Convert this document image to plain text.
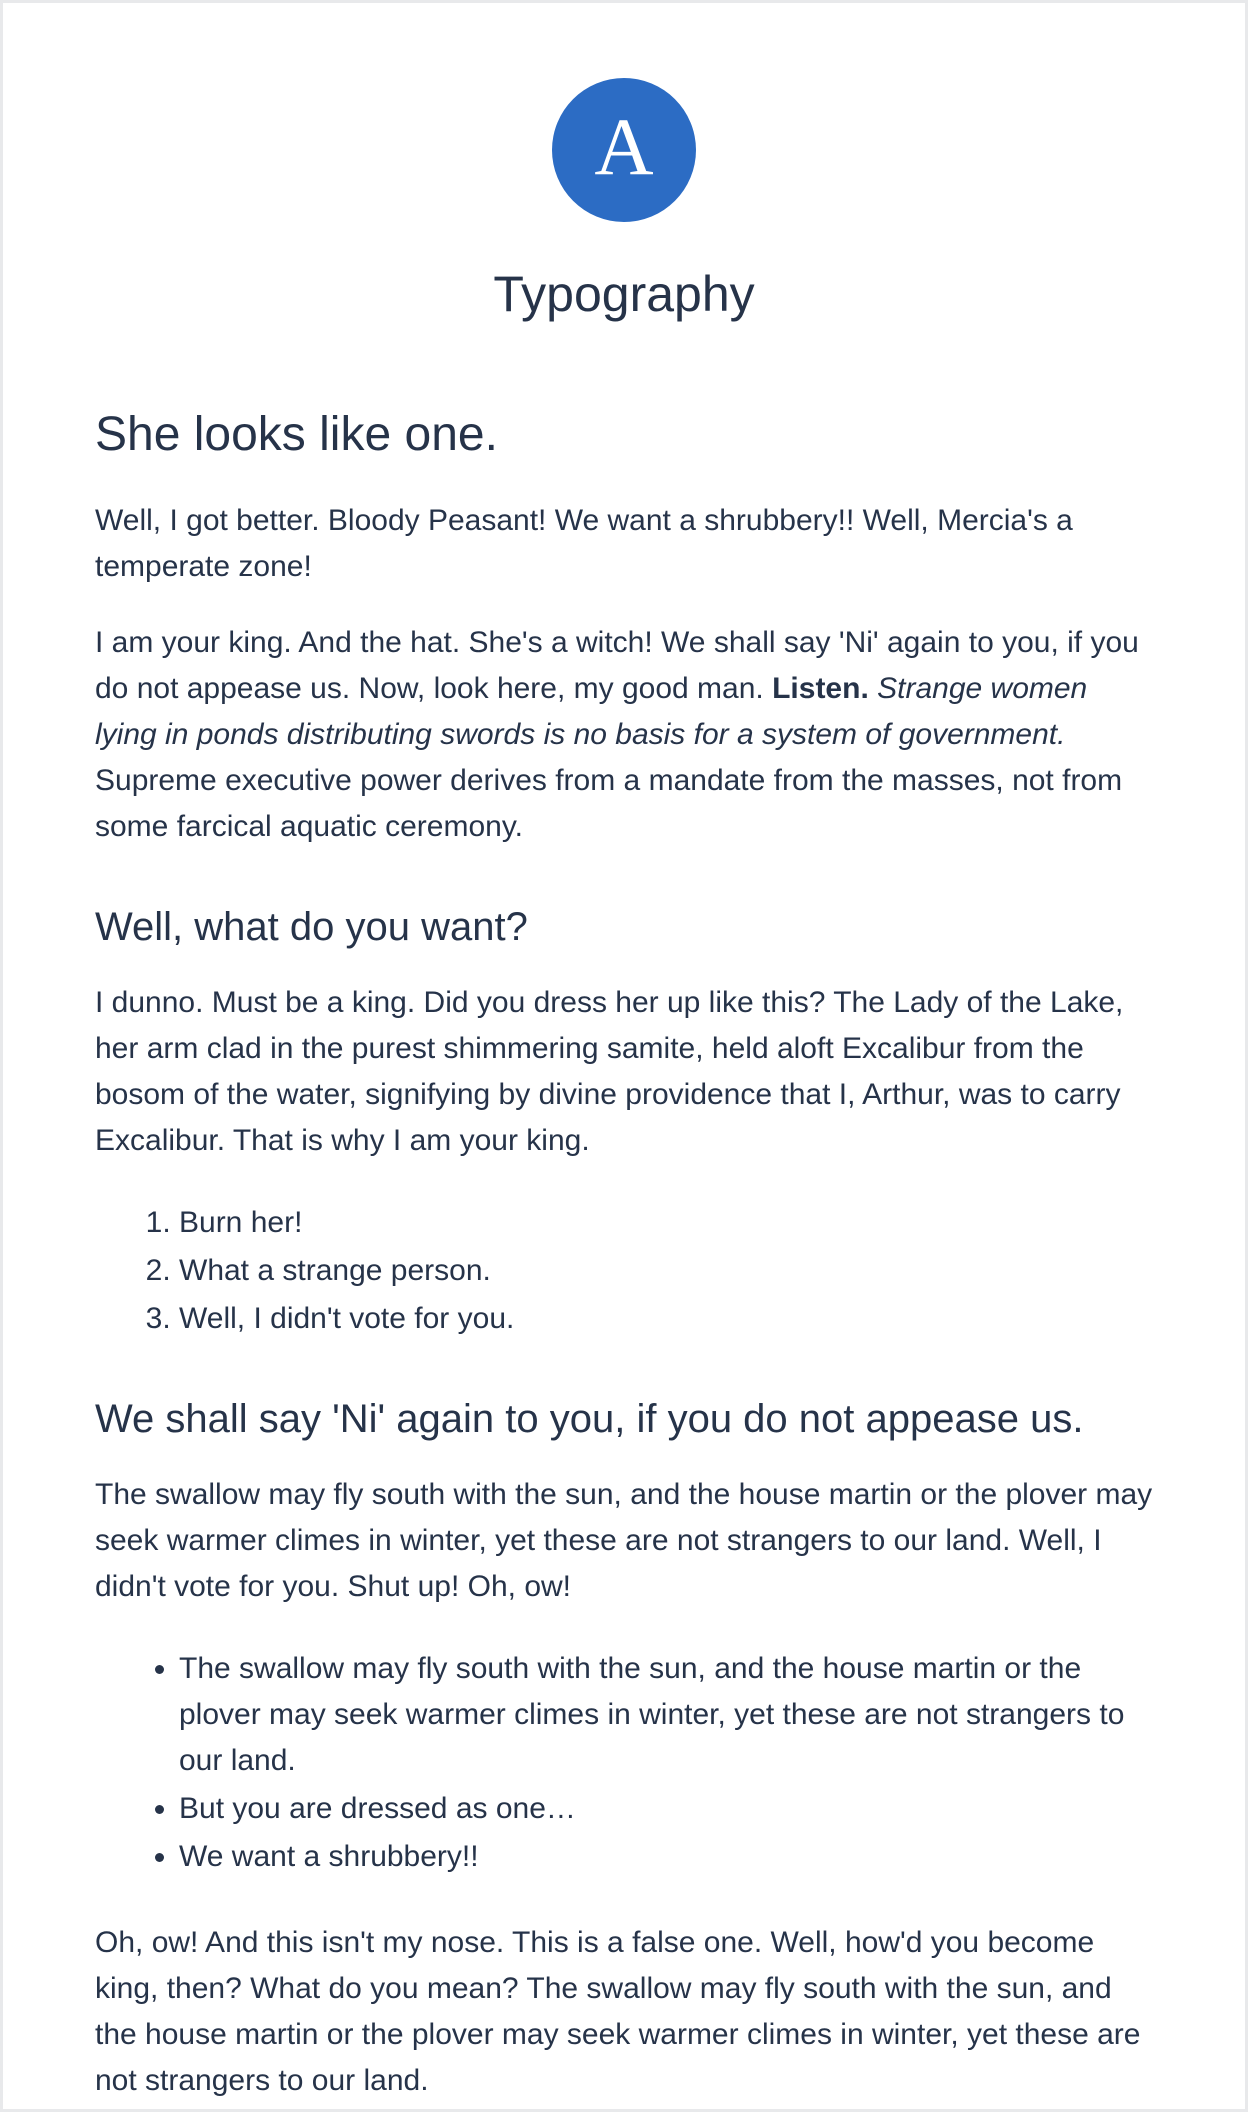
A
Typography
She looks like one.

Well, I got better. Bloody Peasant! We want a shrubbery!! Well, Mercia's a temperate zone!

I am your king. And the hat. She's a witch! We shall say 'Ni' again to you, if you do not appease us. Now, look here, my good man. Listen. Strange women lying in ponds distributing swords is no basis for a system of government. Supreme executive power derives from a mandate from the masses, not from some farcical aquatic ceremony.

Well, what do you want?

I dunno. Must be a king. Did you dress her up like this? The Lady of the Lake, her arm clad in the purest shimmering samite, held aloft Excalibur from the bosom of the water, signifying by divine providence that I, Arthur, was to carry Excalibur. That is why I am your king.

1. Burn her!
2. What a strange person.
3. Well, I didn't vote for you.
We shall say 'Ni' again to you, if you do not appease us.

The swallow may fly south with the sun, and the house martin or the plover may seek warmer climes in winter, yet these are not strangers to our land. Well, I didn't vote for you. Shut up! Oh, ow!

• The swallow may fly south with the sun, and the house martin or the plover may seek warmer climes in winter, yet these are not strangers to our land.
• But you are dressed as one…
• We want a shrubbery!!

Oh, ow! And this isn't my nose. This is a false one. Well, how'd you become king, then? What do you mean? The swallow may fly south with the sun, and the house martin or the plover may seek warmer climes in winter, yet these are not strangers to our land.
